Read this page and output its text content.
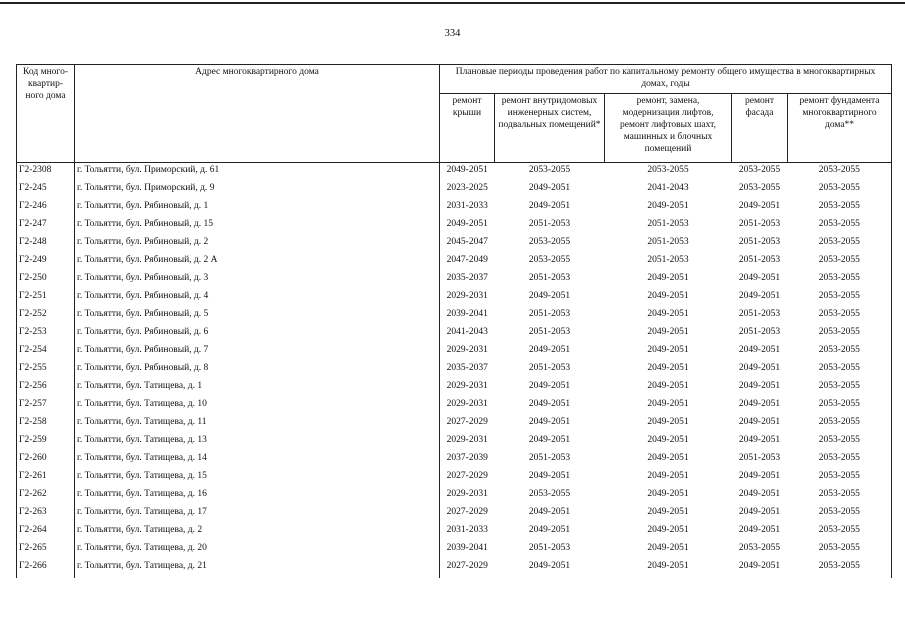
334
Код много-квартир-ного дома	Адрес многоквартирного дома	Плановые периоды проведения работ по капитальному ремонту общего имущества в многоквартирных домах, годы				
		ремонт крыши	ремонт внутридомовых инженерных систем, подвальных помещений*	ремонт, замена, модернизация лифтов, ремонт лифтовых шахт, машинных и блочных помещений	ремонт фасада	ремонт фундамента многоквартирного дома**
Г2-2308	г. Тольятти, бул. Приморский, д. 61	2049-2051	2053-2055	2053-2055	2053-2055	2053-2055
Г2-245	г. Тольятти, бул. Приморский, д. 9	2023-2025	2049-2051	2041-2043	2053-2055	2053-2055
Г2-246	г. Тольятти, бул. Рябиновый, д. 1	2031-2033	2049-2051	2049-2051	2049-2051	2053-2055
Г2-247	г. Тольятти, бул. Рябиновый, д. 15	2049-2051	2051-2053	2051-2053	2051-2053	2053-2055
Г2-248	г. Тольятти, бул. Рябиновый, д. 2	2045-2047	2053-2055	2051-2053	2051-2053	2053-2055
Г2-249	г. Тольятти, бул. Рябиновый, д. 2 А	2047-2049	2053-2055	2051-2053	2051-2053	2053-2055
Г2-250	г. Тольятти, бул. Рябиновый, д. 3	2035-2037	2051-2053	2049-2051	2049-2051	2053-2055
Г2-251	г. Тольятти, бул. Рябиновый, д. 4	2029-2031	2049-2051	2049-2051	2049-2051	2053-2055
Г2-252	г. Тольятти, бул. Рябиновый, д. 5	2039-2041	2051-2053	2049-2051	2051-2053	2053-2055
Г2-253	г. Тольятти, бул. Рябиновый, д. 6	2041-2043	2051-2053	2049-2051	2051-2053	2053-2055
Г2-254	г. Тольятти, бул. Рябиновый, д. 7	2029-2031	2049-2051	2049-2051	2049-2051	2053-2055
Г2-255	г. Тольятти, бул. Рябиновый, д. 8	2035-2037	2051-2053	2049-2051	2049-2051	2053-2055
Г2-256	г. Тольятти, бул. Татищева, д. 1	2029-2031	2049-2051	2049-2051	2049-2051	2053-2055
Г2-257	г. Тольятти, бул. Татищева, д. 10	2029-2031	2049-2051	2049-2051	2049-2051	2053-2055
Г2-258	г. Тольятти, бул. Татищева, д. 11	2027-2029	2049-2051	2049-2051	2049-2051	2053-2055
Г2-259	г. Тольятти, бул. Татищева, д. 13	2029-2031	2049-2051	2049-2051	2049-2051	2053-2055
Г2-260	г. Тольятти, бул. Татищева, д. 14	2037-2039	2051-2053	2049-2051	2051-2053	2053-2055
Г2-261	г. Тольятти, бул. Татищева, д. 15	2027-2029	2049-2051	2049-2051	2049-2051	2053-2055
Г2-262	г. Тольятти, бул. Татищева, д. 16	2029-2031	2053-2055	2049-2051	2049-2051	2053-2055
Г2-263	г. Тольятти, бул. Татищева, д. 17	2027-2029	2049-2051	2049-2051	2049-2051	2053-2055
Г2-264	г. Тольятти, бул. Татищева, д. 2	2031-2033	2049-2051	2049-2051	2049-2051	2053-2055
Г2-265	г. Тольятти, бул. Татищева, д. 20	2039-2041	2051-2053	2049-2051	2053-2055	2053-2055
Г2-266	г. Тольятти, бул. Татищева, д. 21	2027-2029	2049-2051	2049-2051	2049-2051	2053-2055
